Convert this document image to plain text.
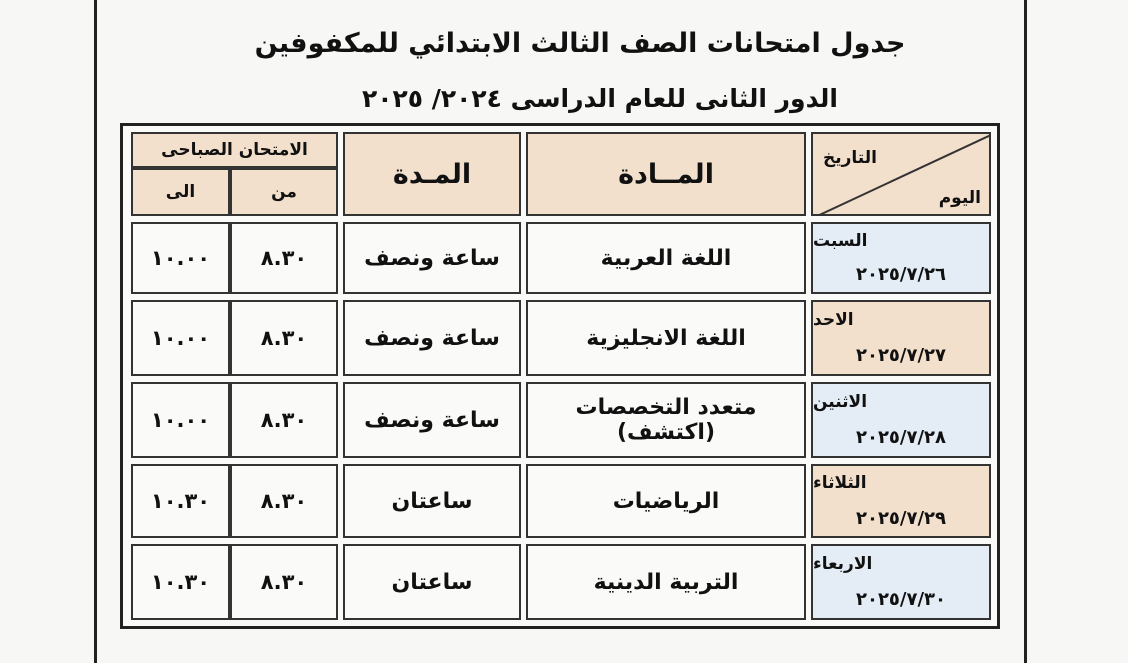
جدول امتحانات الصف الثالث الابتدائي للمكفوفين
الدور الثانى للعام الدراسى ٢٠٢٤/ ٢٠٢٥
التاريخ
اليوم
المــادة
المـدة
الامتحان الصباحى
من
الى
السبت
٢٠٢٥/٧/٢٦
اللغة العربية
ساعة ونصف
٨.٣٠
١٠.٠٠
الاحد
٢٠٢٥/٧/٢٧
اللغة الانجليزية
ساعة ونصف
٨.٣٠
١٠.٠٠
الاثنين
٢٠٢٥/٧/٢٨
متعدد التخصصات (اكتشف)
ساعة ونصف
٨.٣٠
١٠.٠٠
الثلاثاء
٢٠٢٥/٧/٢٩
الرياضيات
ساعتان
٨.٣٠
١٠.٣٠
الاربعاء
٢٠٢٥/٧/٣٠
التربية الدينية
ساعتان
٨.٣٠
١٠.٣٠
